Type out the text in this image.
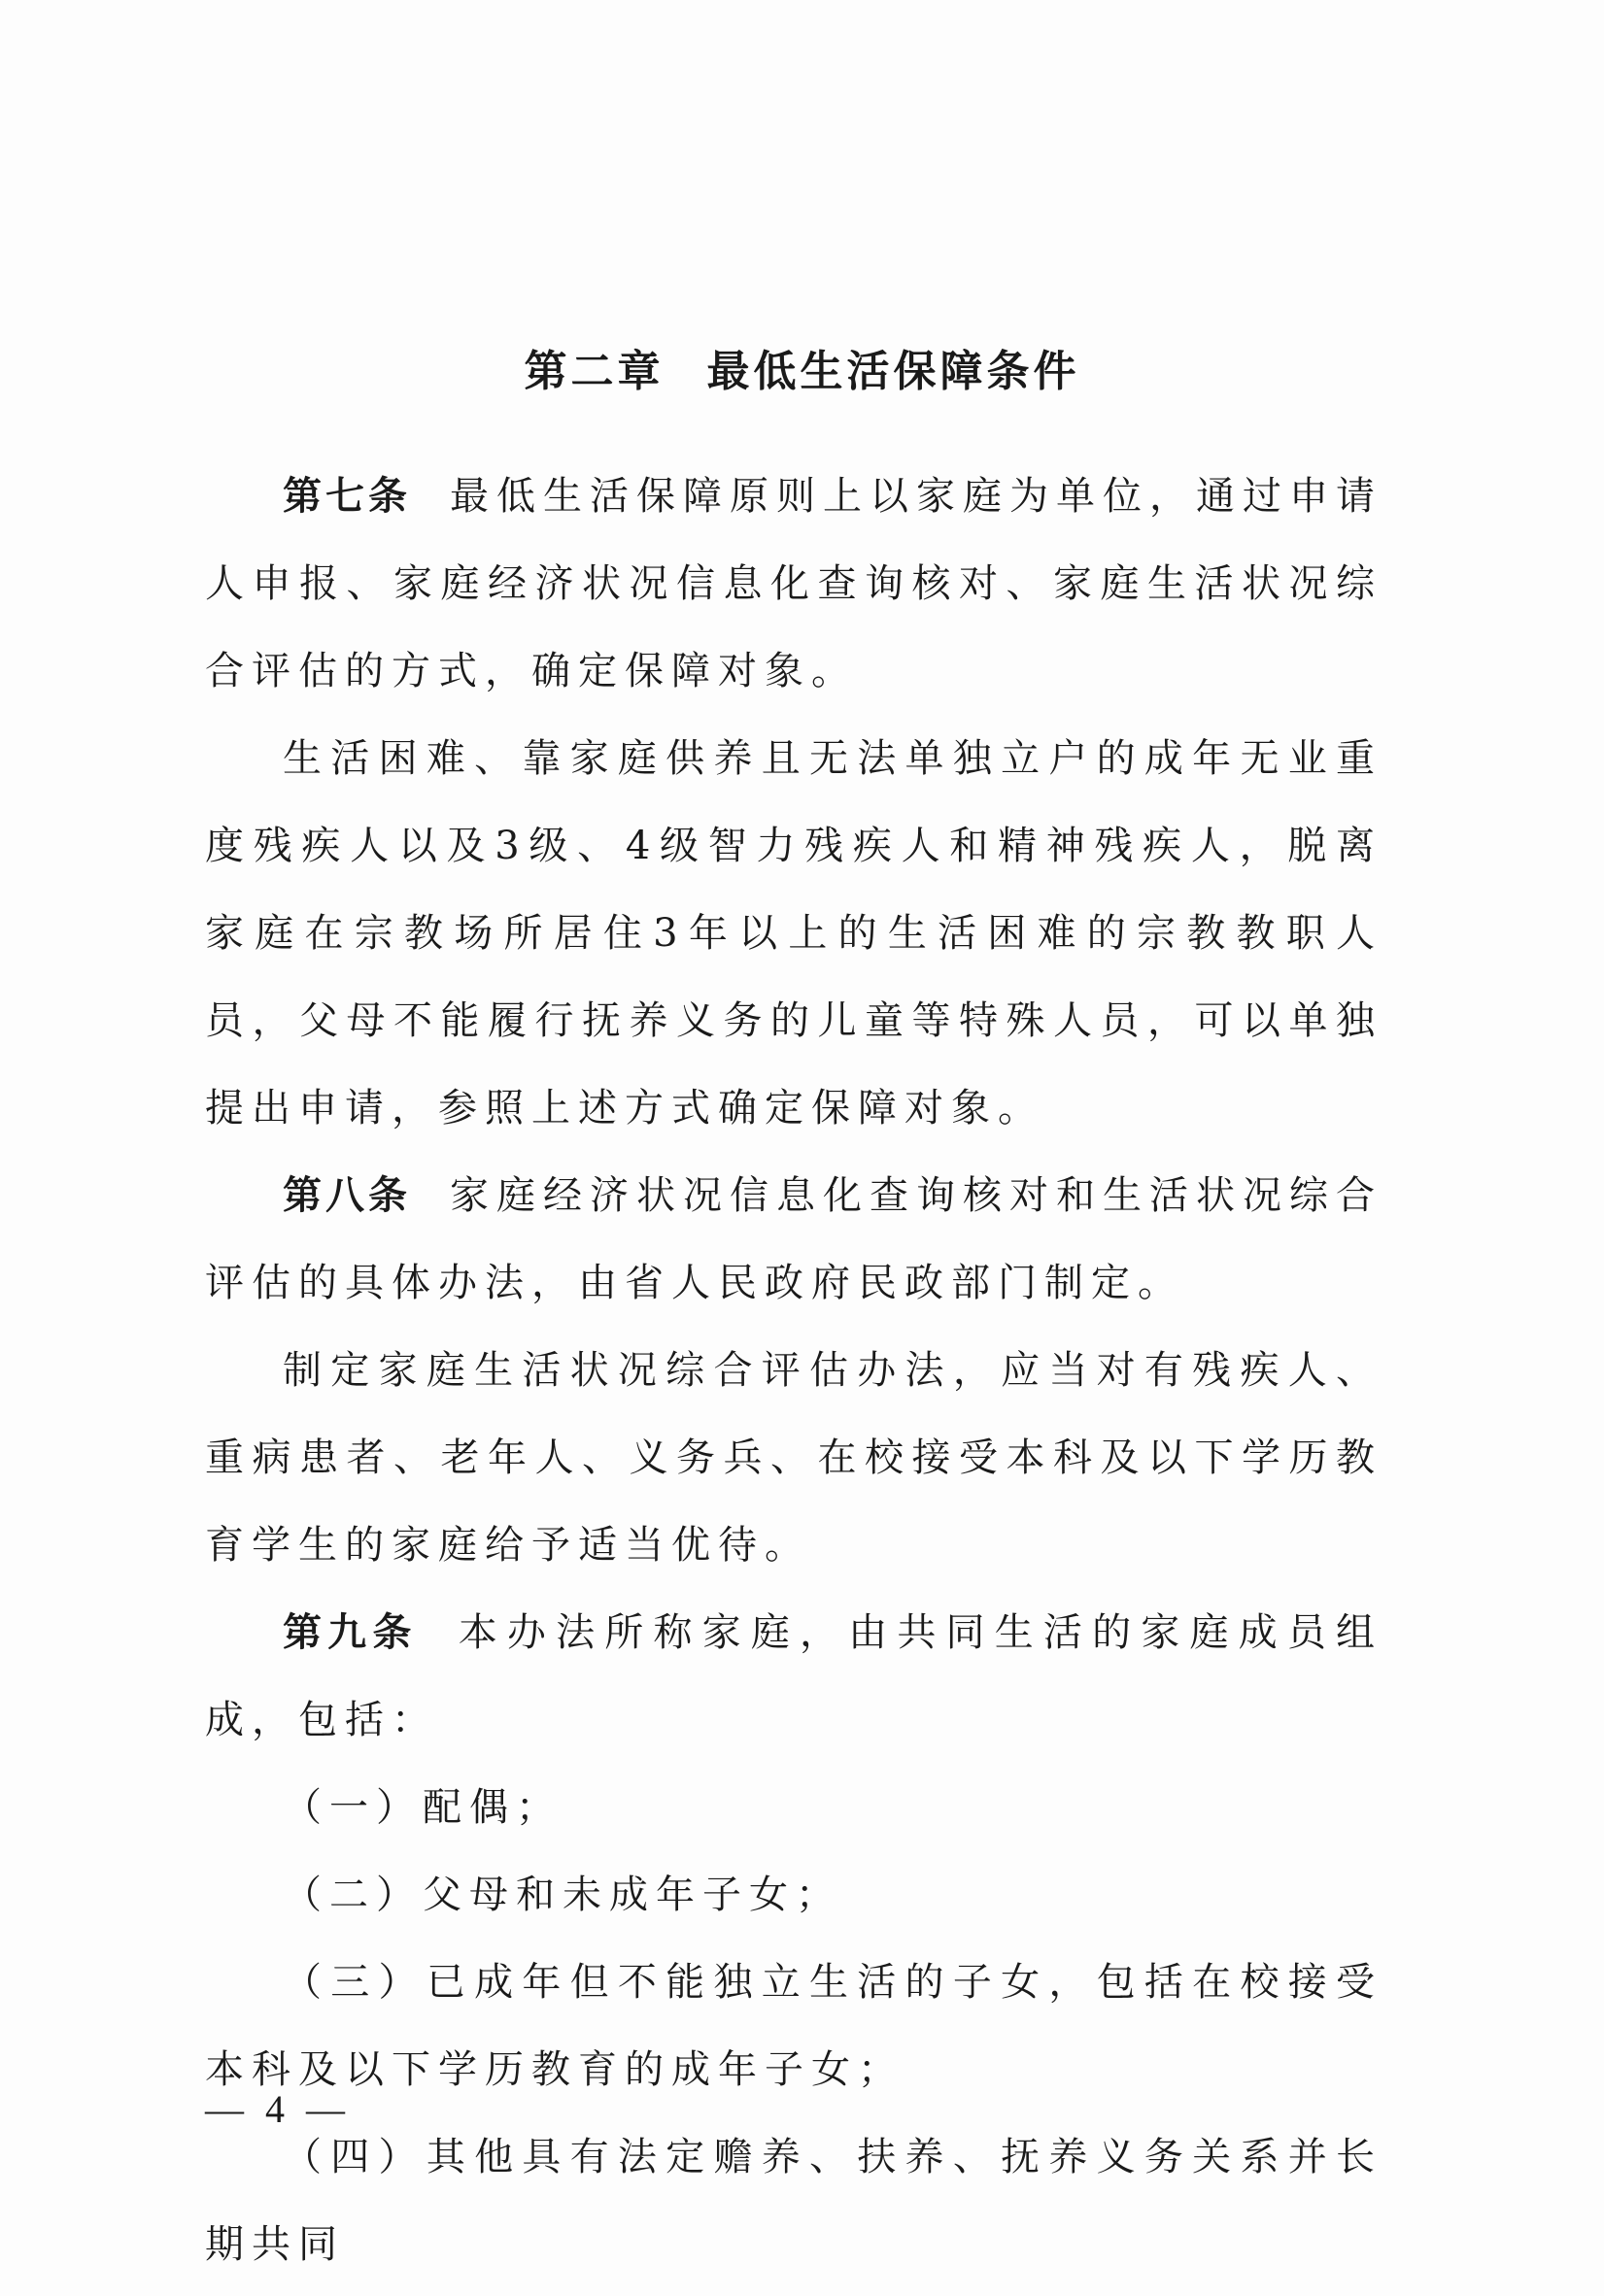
第二章 最低生活保障条件

第七条 最低生活保障原则上以家庭为单位，通过申请人申报、家庭经济状况信息化查询核对、家庭生活状况综合评估的方式，确定保障对象。

生活困难、靠家庭供养且无法单独立户的成年无业重度残疾人以及3级、4级智力残疾人和精神残疾人，脱离家庭在宗教场所居住3年以上的生活困难的宗教教职人员，父母不能履行抚养义务的儿童等特殊人员，可以单独提出申请，参照上述方式确定保障对象。

第八条 家庭经济状况信息化查询核对和生活状况综合评估的具体办法，由省人民政府民政部门制定。

制定家庭生活状况综合评估办法，应当对有残疾人、重病患者、老年人、义务兵、在校接受本科及以下学历教育学生的家庭给予适当优待。

第九条 本办法所称家庭，由共同生活的家庭成员组成，包括：

（一）配偶；

（二）父母和未成年子女；

（三）已成年但不能独立生活的子女，包括在校接受本科及以下学历教育的成年子女；

（四）其他具有法定赡养、扶养、抚养义务关系并长期共同

— 4 —
